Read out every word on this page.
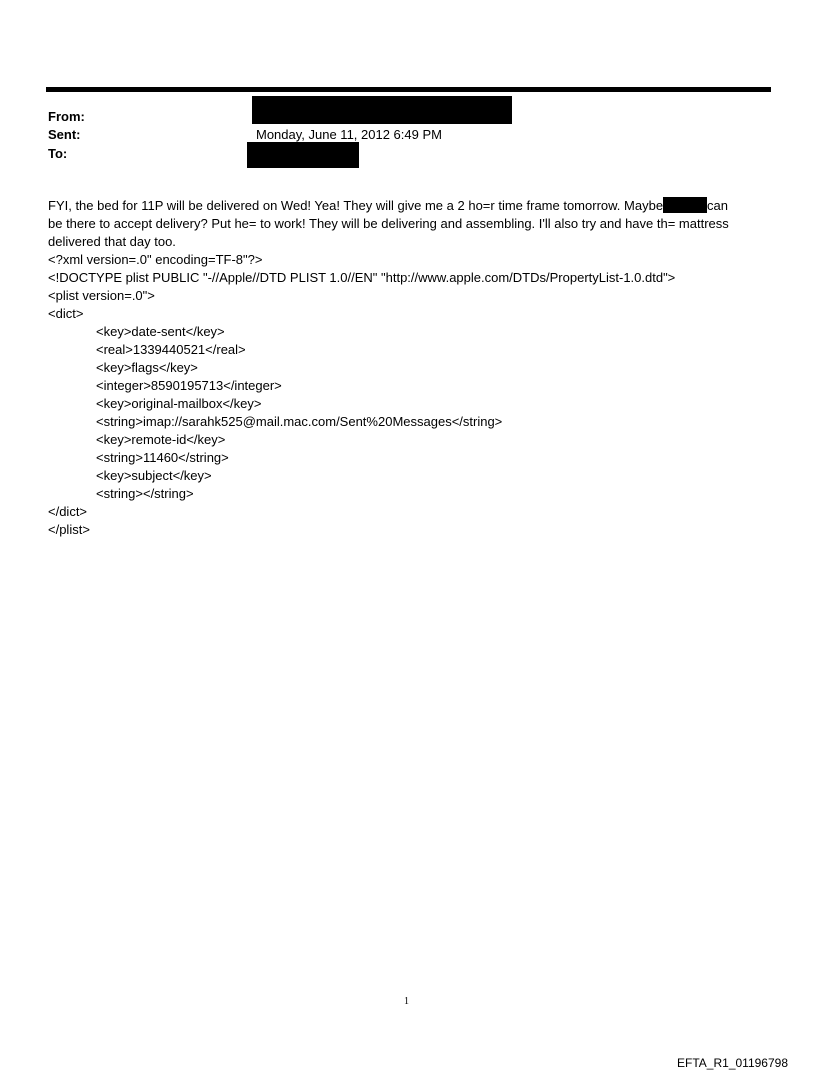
From:
Sent:	Monday, June 11, 2012 6:49 PM
To:
FYI, the bed for 11P will be delivered on Wed! Yea! They will give me a 2 ho=r time frame tomorrow. Maybe	can
be there to accept delivery? Put he= to work! They will be delivering and assembling. I'll also try and have th= mattress
delivered that day too.
<?xml version=.0" encoding=TF-8"?>
<!DOCTYPE plist PUBLIC "-//Apple//DTD PLIST 1.0//EN" "http://www.apple.com/DTDs/PropertyList-1.0.dtd">
<plist version=.0">
<dict>
<key>date-sent</key>
<real>1339440521</real>
<key>flags</key>
<integer>8590195713</integer>
<key>original-mailbox</key>
<string>imap://sarahk525@mail.mac.com/Sent%20Messages</string>
<key>remote-id</key>
<string>11460</string>
<key>subject</key>
<string></string>
</dict>
</plist>
1
EFTA_R1_01196798
